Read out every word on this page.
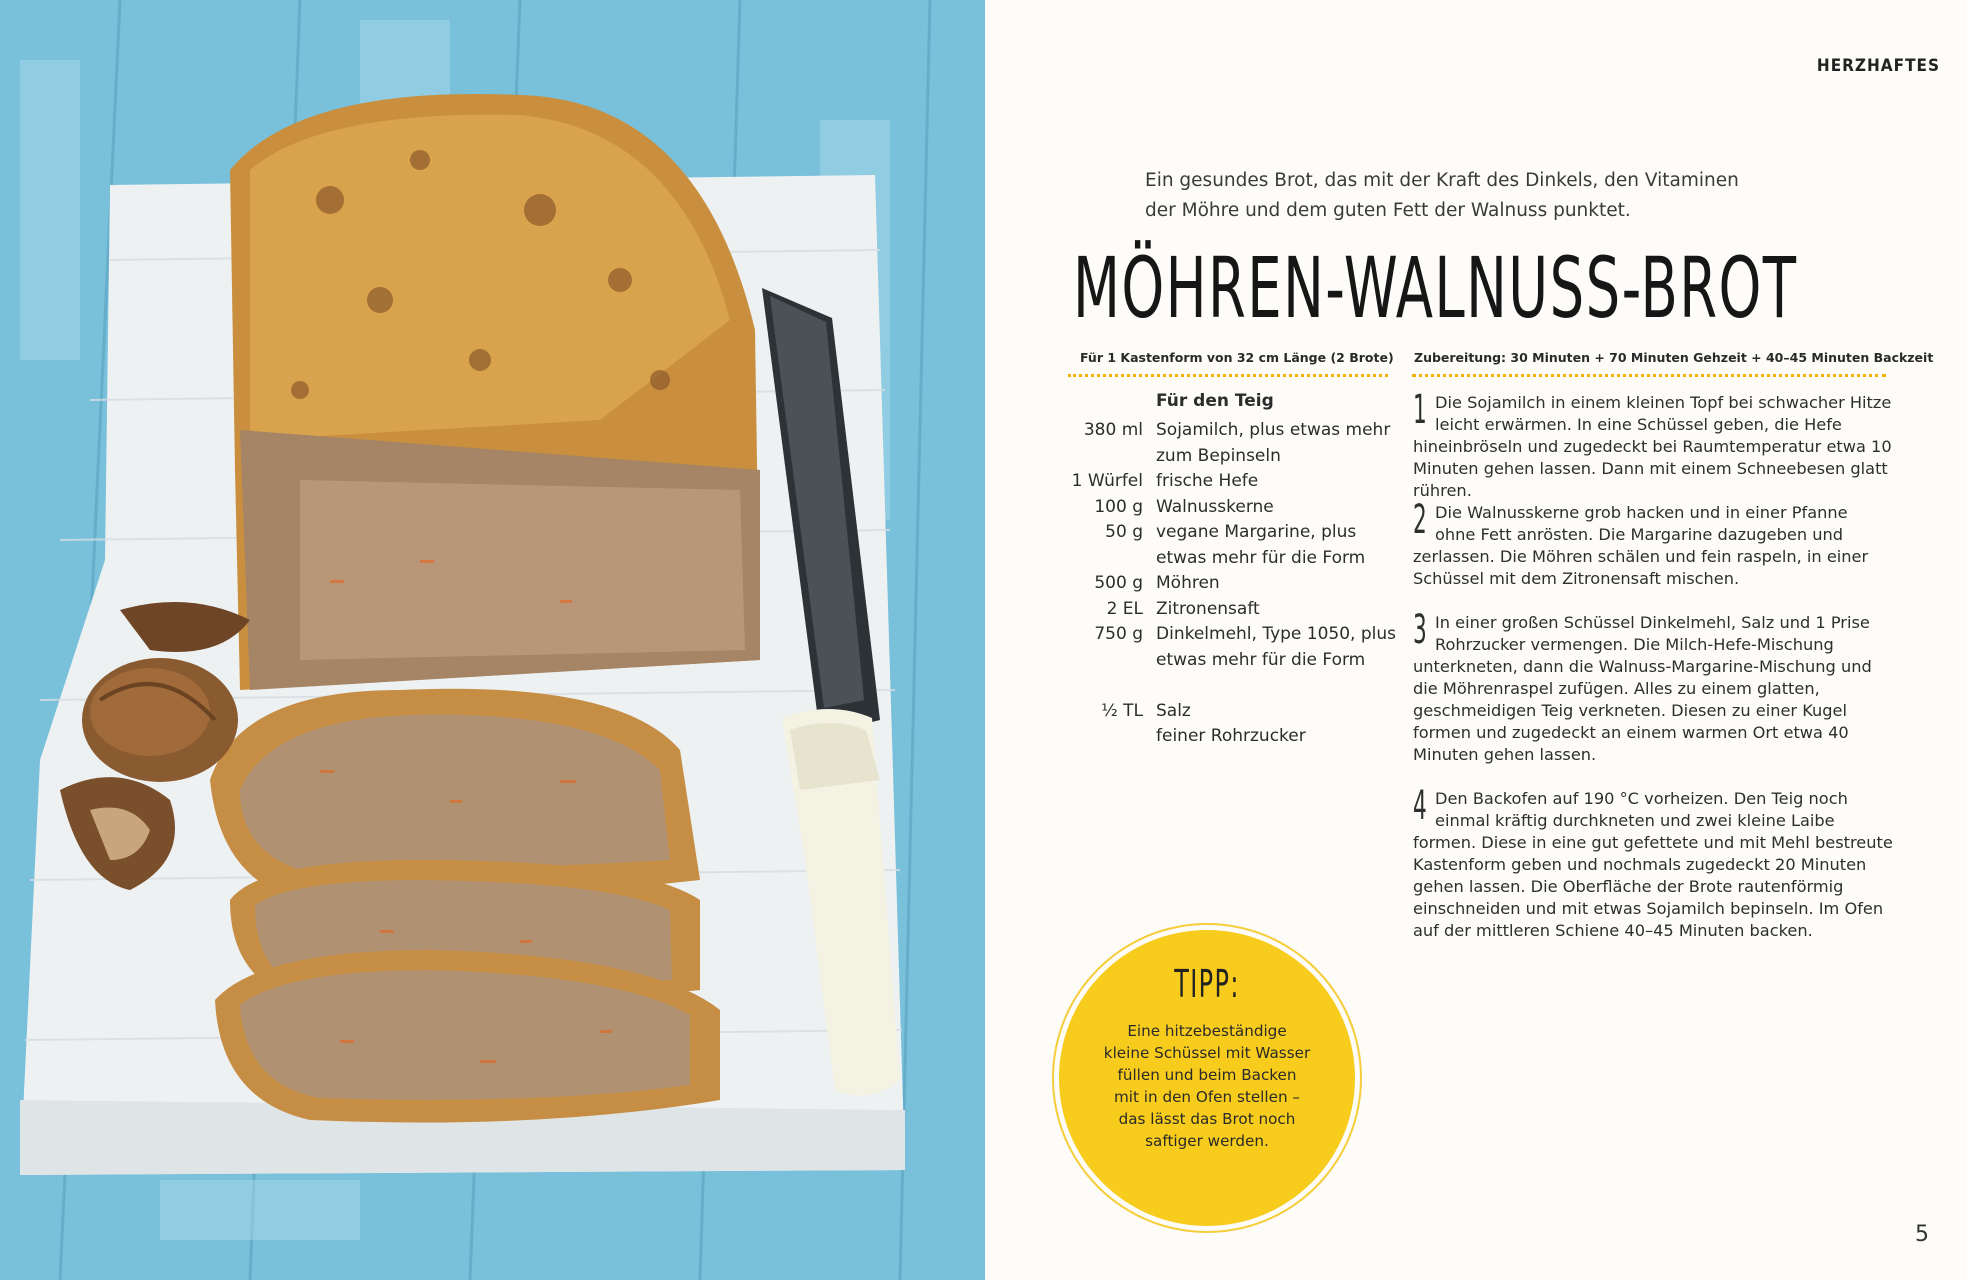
HERZHAFTES
Ein gesundes Brot, das mit der Kraft des Dinkels, den Vitaminen der Möhre und dem guten Fett der Walnuss punktet.
MÖHREN-WALNUSS-BROT
Für 1 Kastenform von 32 cm Länge (2 Brote) Zubereitung: 30 Minuten + 70 Minuten Gehzeit + 40–45 Minuten Backzeit
Für den Teig
380 ml Sojamilch, plus etwas mehr zum Bepinseln
1 Würfel frische Hefe
100 g Walnusskerne
50 g vegane Margarine, plus etwas mehr für die Form
500 g Möhren
2 EL Zitronensaft
750 g Dinkelmehl, Type 1050, plus etwas mehr für die Form
½ TL Salz
feiner Rohrzucker
1 Die Sojamilch in einem kleinen Topf bei schwacher Hitze leicht erwärmen. In eine Schüssel geben, die Hefe hineinbröseln und zugedeckt bei Raumtemperatur etwa 10 Minuten gehen lassen. Dann mit einem Schneebesen glatt rühren.
2 Die Walnusskerne grob hacken und in einer Pfanne ohne Fett anrösten. Die Margarine dazugeben und zerlassen. Die Möhren schälen und fein raspeln, in einer Schüssel mit dem Zitronensaft mischen.
3 In einer großen Schüssel Dinkelmehl, Salz und 1 Prise Rohrzucker vermengen. Die Milch-Hefe-Mischung unterkneten, dann die Walnuss-Margarine-Mischung und die Möhrenraspel zufügen. Alles zu einem glatten, geschmeidigen Teig verkneten. Diesen zu einer Kugel formen und zugedeckt an einem warmen Ort etwa 40 Minuten gehen lassen.
4 Den Backofen auf 190 °C vorheizen. Den Teig noch einmal kräftig durchkneten und zwei kleine Laibe formen. Diese in eine gut gefettete und mit Mehl bestreute Kastenform geben und nochmals zugedeckt 20 Minuten gehen lassen. Die Oberfläche der Brote rautenförmig einschneiden und mit etwas Sojamilch bepinseln. Im Ofen auf der mittleren Schiene 40–45 Minuten backen.
TIPP:
Eine hitzebeständige kleine Schüssel mit Wasser füllen und beim Backen mit in den Ofen stellen – das lässt das Brot noch saftiger werden.
5
